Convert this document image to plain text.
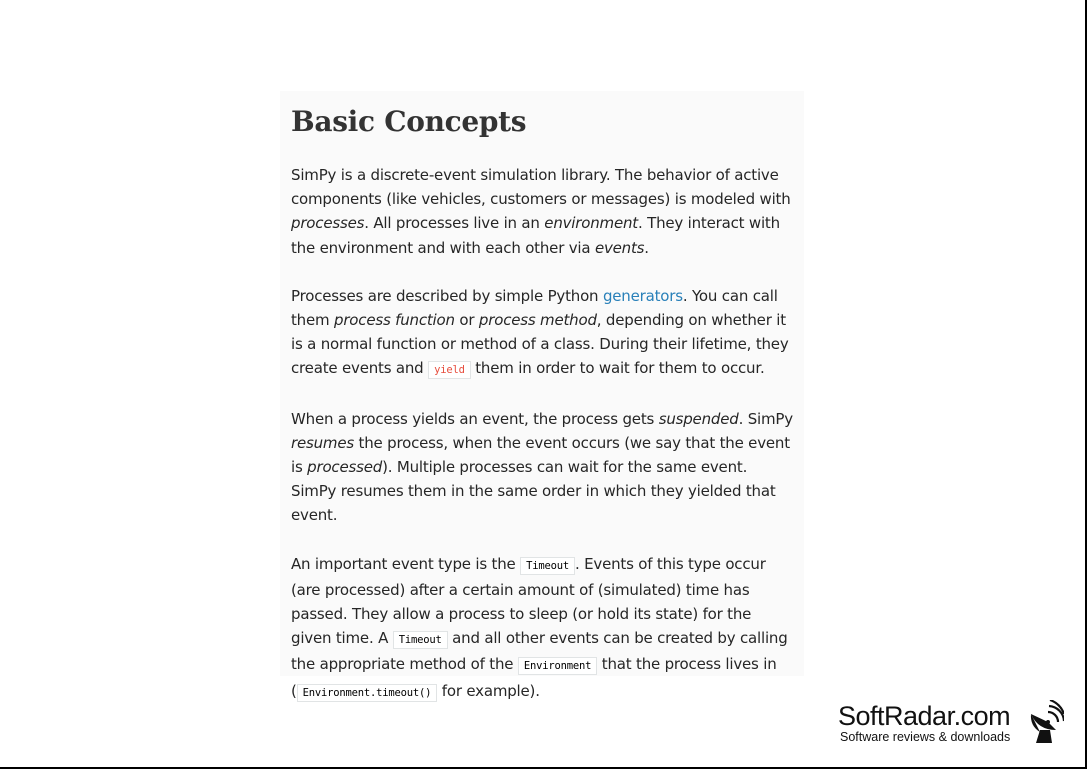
Basic Concepts

SimPy is a discrete-event simulation library. The behavior of active components (like vehicles, customers or messages) is modeled with processes. All processes live in an environment. They interact with the environment and with each other via events.

Processes are described by simple Python generators. You can call them process function or process method, depending on whether it is a normal function or method of a class. During their lifetime, they create events and yield them in order to wait for them to occur.

When a process yields an event, the process gets suspended. SimPy resumes the process, when the event occurs (we say that the event is processed). Multiple processes can wait for the same event. SimPy resumes them in the same order in which they yielded that event.

An important event type is the Timeout . Events of this type occur (are processed) after a certain amount of (simulated) time has passed. They allow a process to sleep (or hold its state) for the given time. A Timeout and all other events can be created by calling the appropriate method of the Environment that the process lives in ( Environment.timeout() for example).

SoftRadar.com
Software reviews & downloads
